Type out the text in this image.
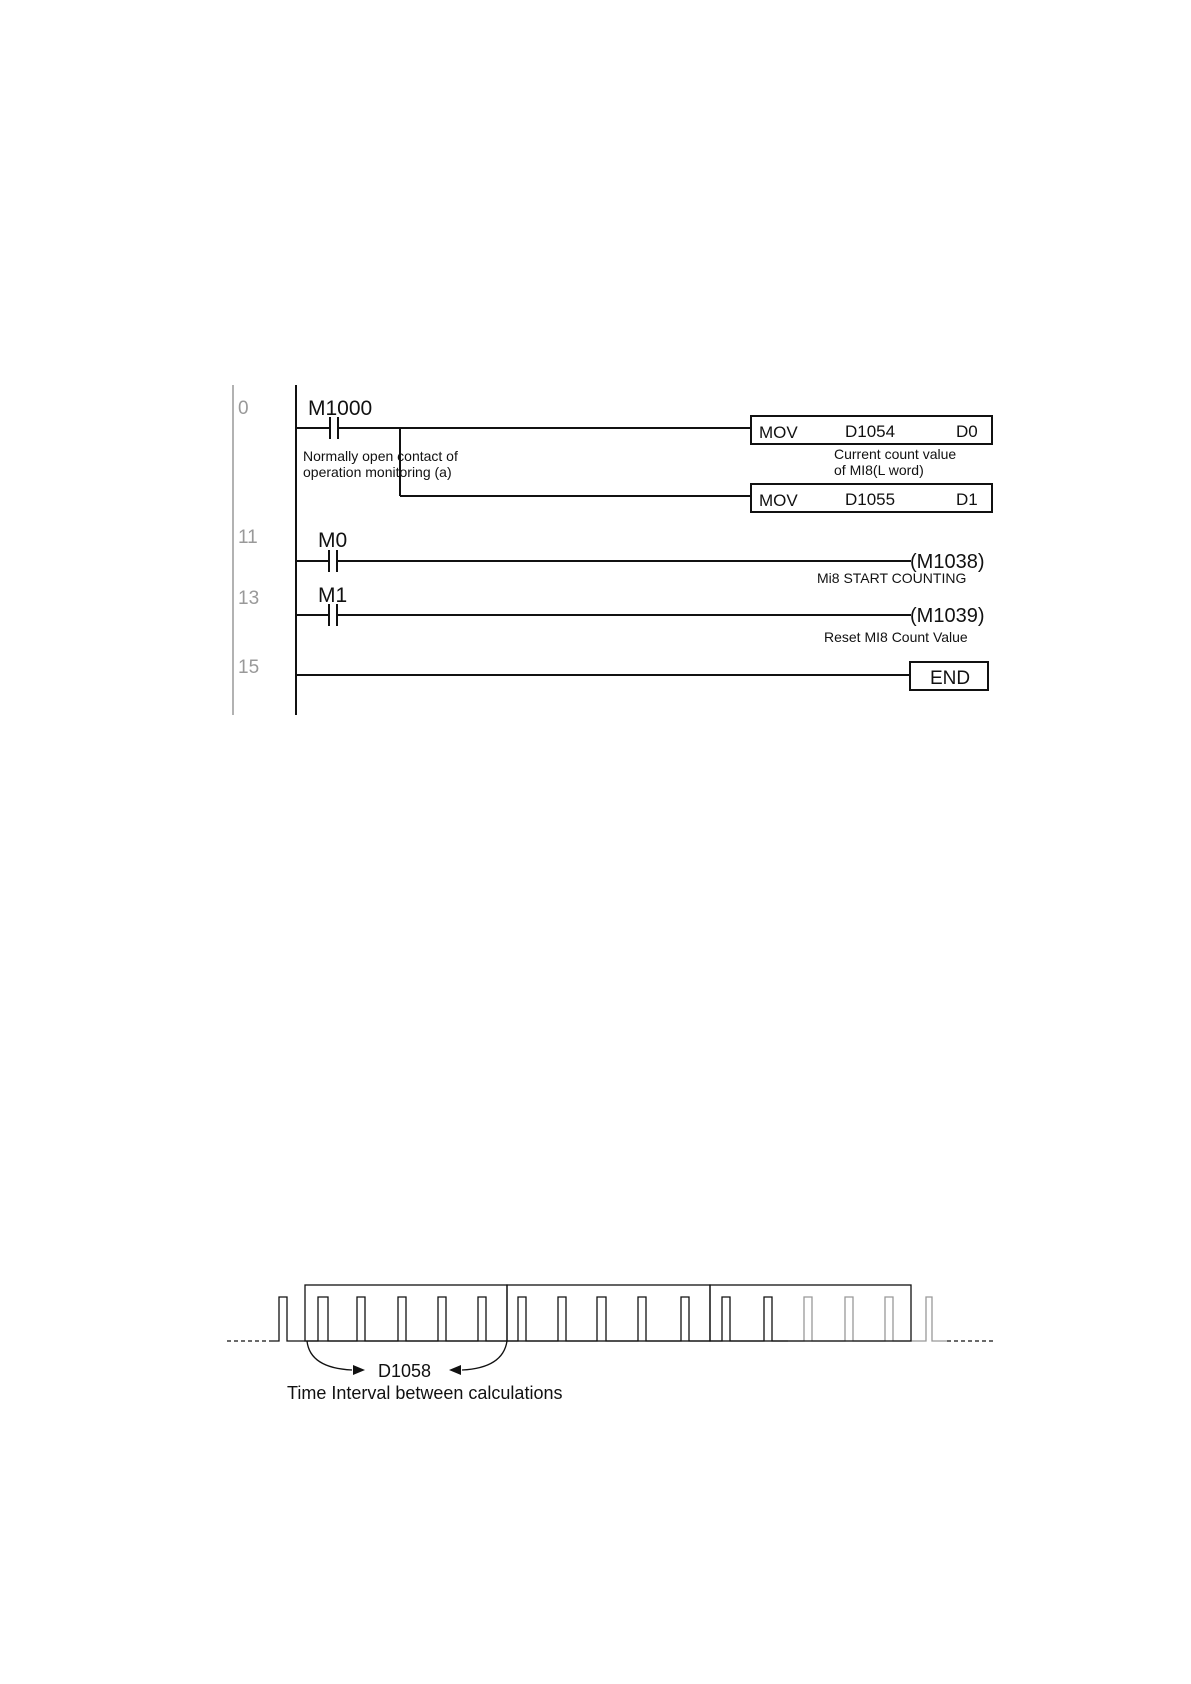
0
11
13
15
M1000
Normally open contact of
operation monitoring (a)
MOV	D1054	D0
Current count value
of MI8(L word)
MOV	D1055	D1
M0
(M1038)
Mi8 START COUNTING
M1
(M1039)
Reset MI8 Count Value
END
D1058
Time Interval between calculations
